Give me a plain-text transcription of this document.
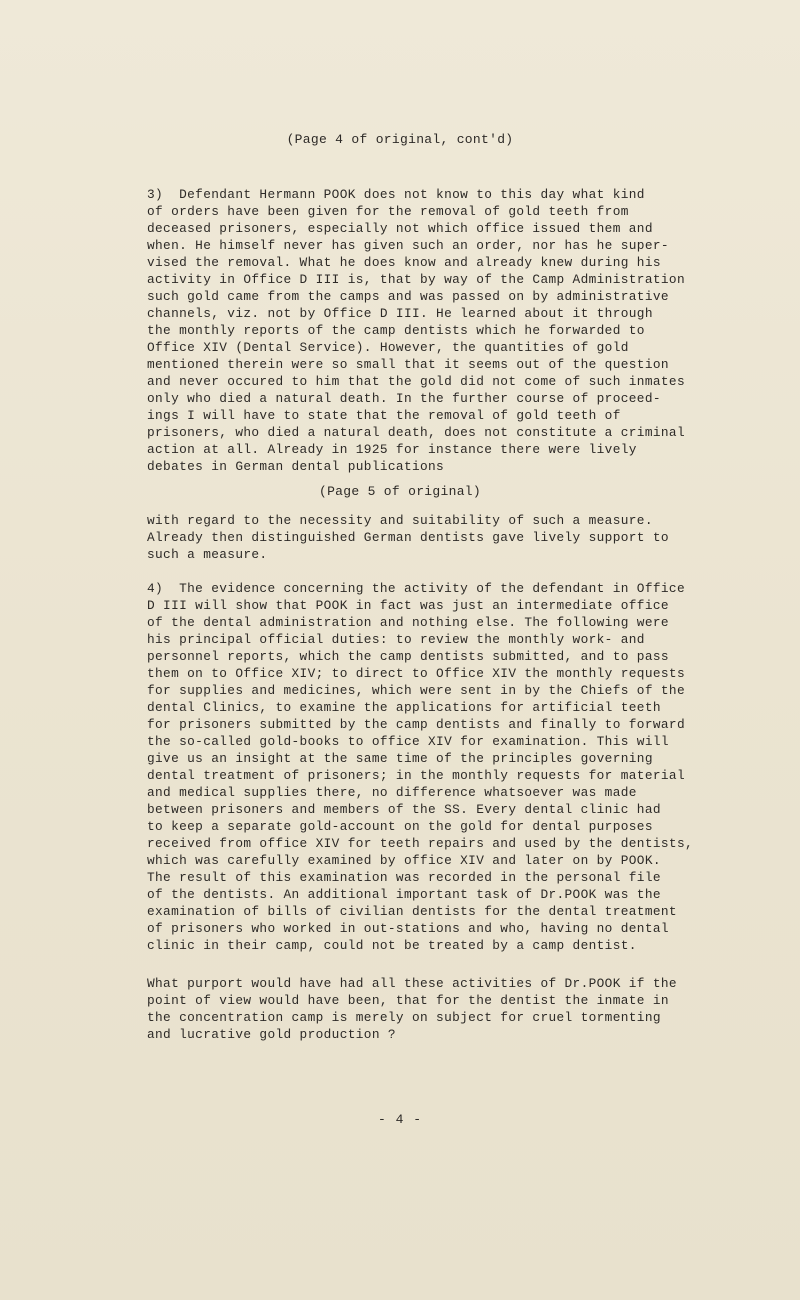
(Page 4 of original, cont'd)

3)  Defendant Hermann POOK does not know to this day what kind
of orders have been given for the removal of gold teeth from
deceased prisoners, especially not which office issued them and
when. He himself never has given such an order, nor has he super-
vised the removal. What he does know and already knew during his
activity in Office D III is, that by way of the Camp Administration
such gold came from the camps and was passed on by administrative
channels, viz. not by Office D III. He learned about it through
the monthly reports of the camp dentists which he forwarded to
Office XIV (Dental Service). However, the quantities of gold
mentioned therein were so small that it seems out of the question
and never occured to him that the gold did not come of such inmates
only who died a natural death. In the further course of proceed-
ings I will have to state that the removal of gold teeth of
prisoners, who died a natural death, does not constitute a criminal
action at all. Already in 1925 for instance there were lively
debates in German dental publications

(Page 5 of original)

with regard to the necessity and suitability of such a measure.
Already then distinguished German dentists gave lively support to
such a measure.
4)  The evidence concerning the activity of the defendant in Office
D III will show that POOK in fact was just an intermediate office
of the dental administration and nothing else. The following were
his principal official duties: to review the monthly work- and
personnel reports, which the camp dentists submitted, and to pass
them on to Office XIV; to direct to Office XIV the monthly requests
for supplies and medicines, which were sent in by the Chiefs of the
dental Clinics, to examine the applications for artificial teeth
for prisoners submitted by the camp dentists and finally to forward
the so-called gold-books to office XIV for examination. This will
give us an insight at the same time of the principles governing
dental treatment of prisoners; in the monthly requests for material
and medical supplies there, no difference whatsoever was made
between prisoners and members of the SS. Every dental clinic had
to keep a separate gold-account on the gold for dental purposes
received from office XIV for teeth repairs and used by the dentists,
which was carefully examined by office XIV and later on by POOK.
The result of this examination was recorded in the personal file
of the dentists. An additional important task of Dr.POOK was the
examination of bills of civilian dentists for the dental treatment
of prisoners who worked in out-stations and who, having no dental
clinic in their camp, could not be treated by a camp dentist.
What purport would have had all these activities of Dr.POOK if the
point of view would have been, that for the dentist the inmate in
the concentration camp is merely on subject for cruel tormenting
and lucrative gold production ?

- 4 -
